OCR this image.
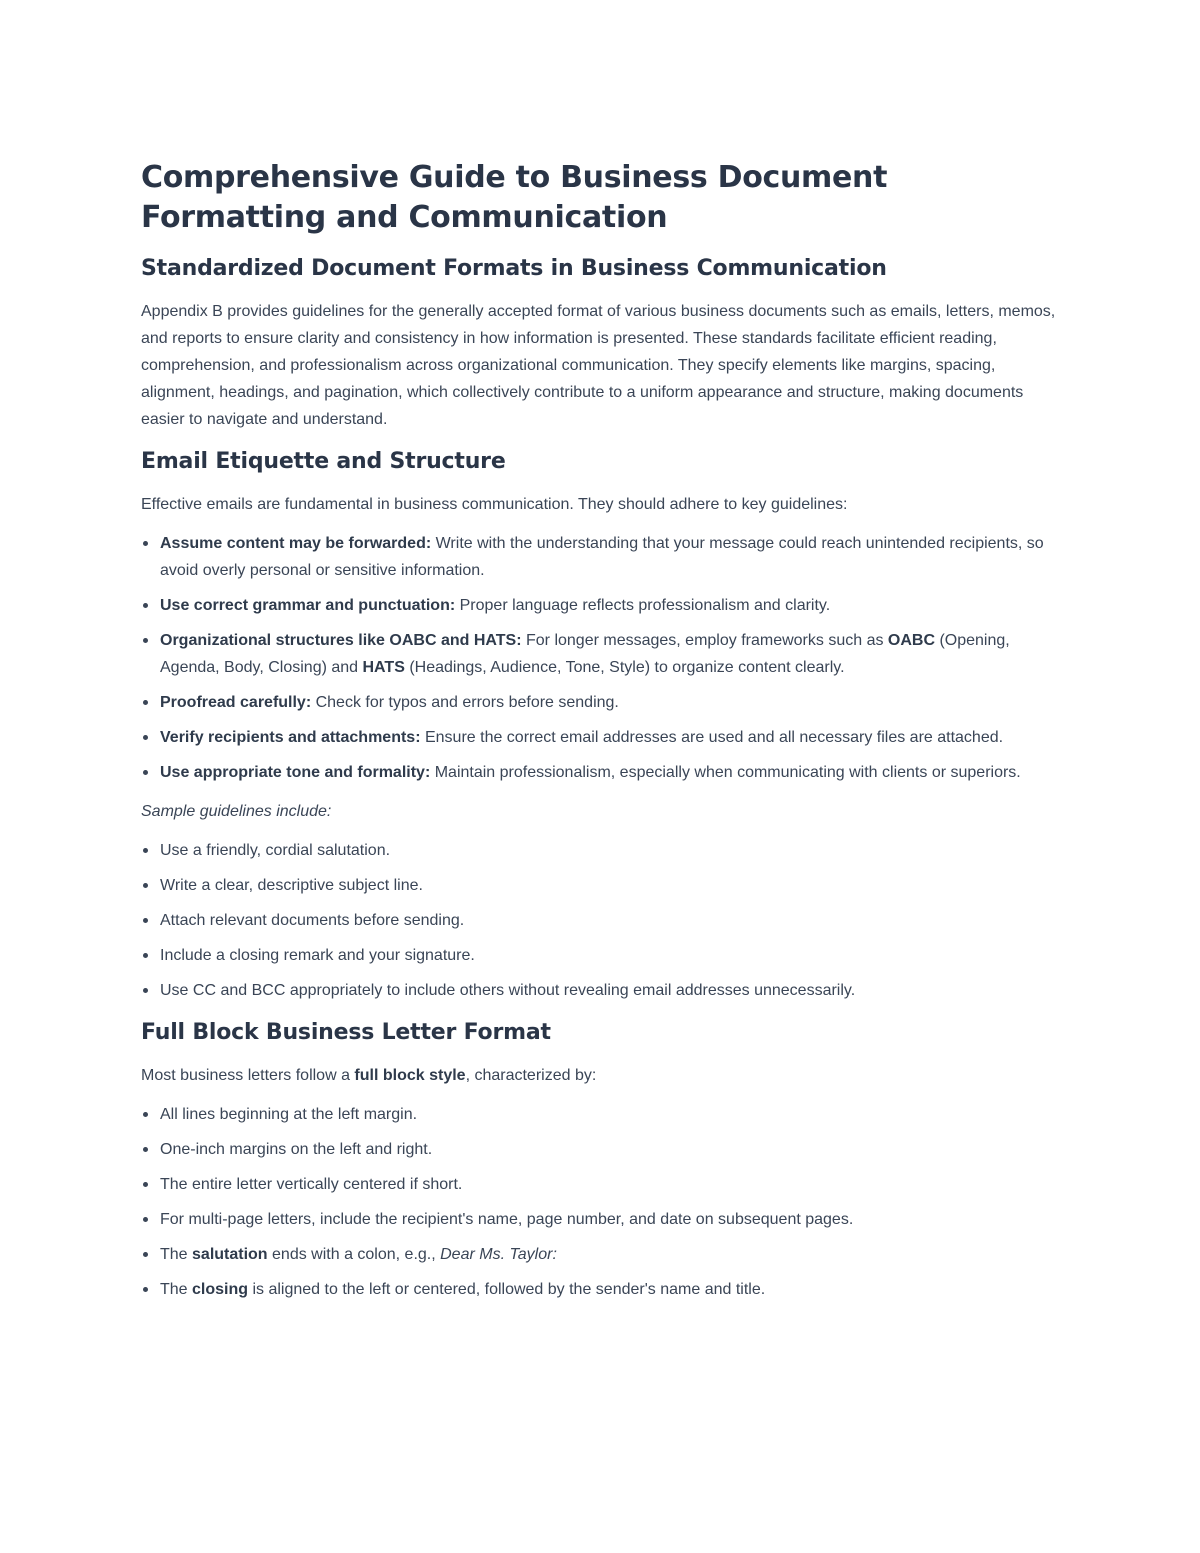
Comprehensive Guide to Business Document Formatting and Communication
Standardized Document Formats in Business Communication

Appendix B provides guidelines for the generally accepted format of various business documents such as emails, letters, memos, and reports to ensure clarity and consistency in how information is presented. These standards facilitate efficient reading, comprehension, and professionalism across organizational communication. They specify elements like margins, spacing, alignment, headings, and pagination, which collectively contribute to a uniform appearance and structure, making documents easier to navigate and understand.

Email Etiquette and Structure

Effective emails are fundamental in business communication. They should adhere to key guidelines:

Assume content may be forwarded: Write with the understanding that your message could reach unintended recipients, so avoid overly personal or sensitive information.
Use correct grammar and punctuation: Proper language reflects professionalism and clarity.
Organizational structures like OABC and HATS: For longer messages, employ frameworks such as OABC (Opening, Agenda, Body, Closing) and HATS (Headings, Audience, Tone, Style) to organize content clearly.
Proofread carefully: Check for typos and errors before sending.
Verify recipients and attachments: Ensure the correct email addresses are used and all necessary files are attached.
Use appropriate tone and formality: Maintain professionalism, especially when communicating with clients or superiors.

Sample guidelines include:

Use a friendly, cordial salutation.
Write a clear, descriptive subject line.
Attach relevant documents before sending.
Include a closing remark and your signature.
Use CC and BCC appropriately to include others without revealing email addresses unnecessarily.
Full Block Business Letter Format

Most business letters follow a full block style, characterized by:

All lines beginning at the left margin.
One-inch margins on the left and right.
The entire letter vertically centered if short.
For multi-page letters, include the recipient's name, page number, and date on subsequent pages.
The salutation ends with a colon, e.g., Dear Ms. Taylor:
The closing is aligned to the left or centered, followed by the sender's name and title.
